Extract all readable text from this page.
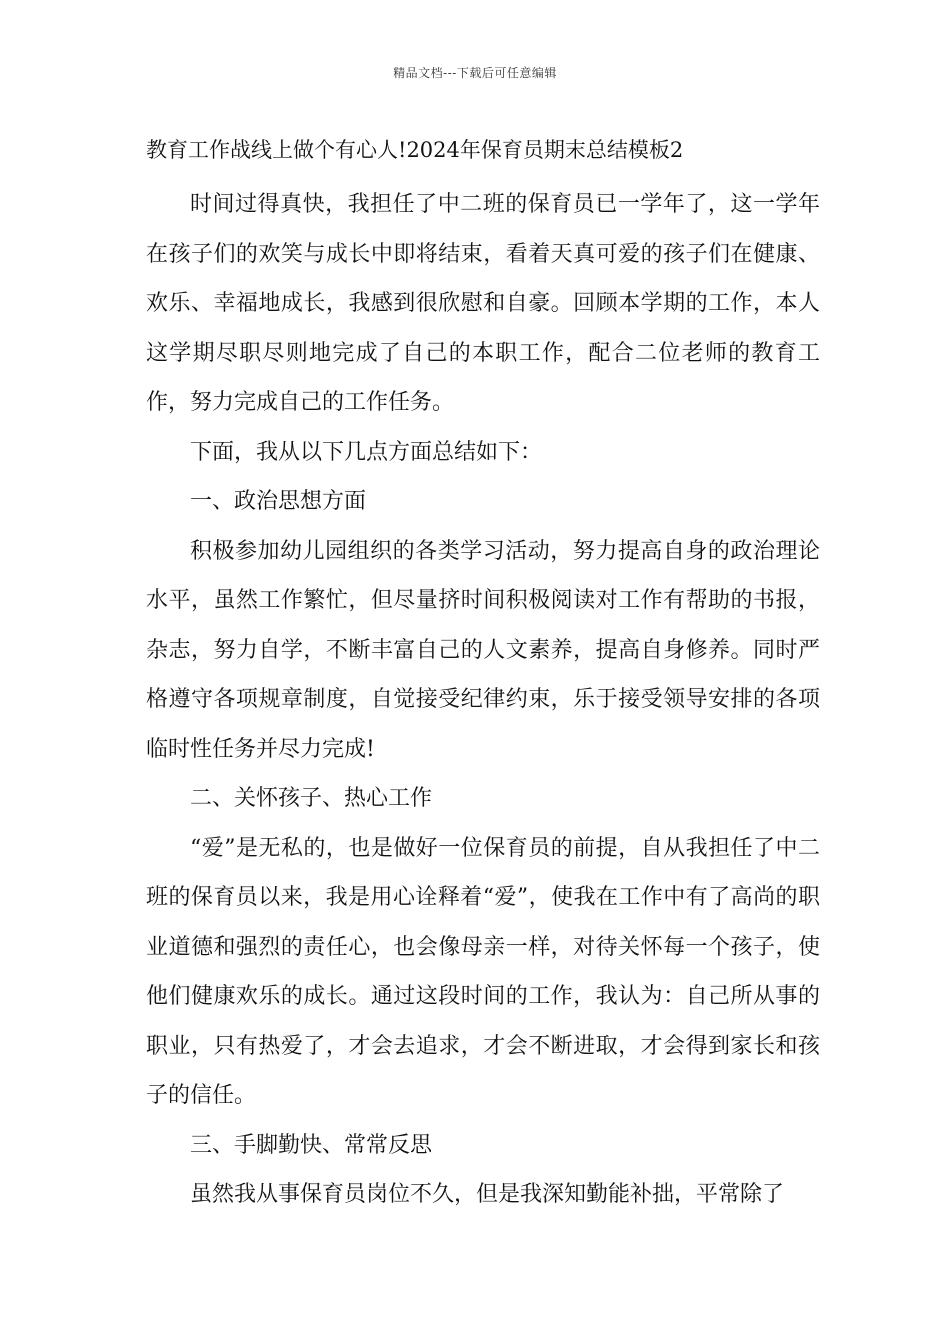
精品文档---下载后可任意编辑
教育工作战线上做个有心人!2024年保育员期末总结模板2

时间过得真快，我担任了中二班的保育员已一学年了，这一学年在孩子们的欢笑与成长中即将结束，看着天真可爱的孩子们在健康、欢乐、幸福地成长，我感到很欣慰和自豪。回顾本学期的工作，本人这学期尽职尽则地完成了自己的本职工作，配合二位老师的教育工作，努力完成自己的工作任务。

下面，我从以下几点方面总结如下：

一、政治思想方面

积极参加幼儿园组织的各类学习活动，努力提高自身的政治理论水平，虽然工作繁忙，但尽量挤时间积极阅读对工作有帮助的书报，杂志，努力自学，不断丰富自己的人文素养，提高自身修养。同时严格遵守各项规章制度，自觉接受纪律约束，乐于接受领导安排的各项临时性任务并尽力完成!

二、关怀孩子、热心工作

“爱”是无私的，也是做好一位保育员的前提，自从我担任了中二班的保育员以来，我是用心诠释着“爱”，使我在工作中有了高尚的职业道德和强烈的责任心，也会像母亲一样，对待关怀每一个孩子，使他们健康欢乐的成长。通过这段时间的工作，我认为：自己所从事的职业，只有热爱了，才会去追求，才会不断进取，才会得到家长和孩子的信任。

三、手脚勤快、常常反思

虽然我从事保育员岗位不久，但是我深知勤能补拙，平常除了
